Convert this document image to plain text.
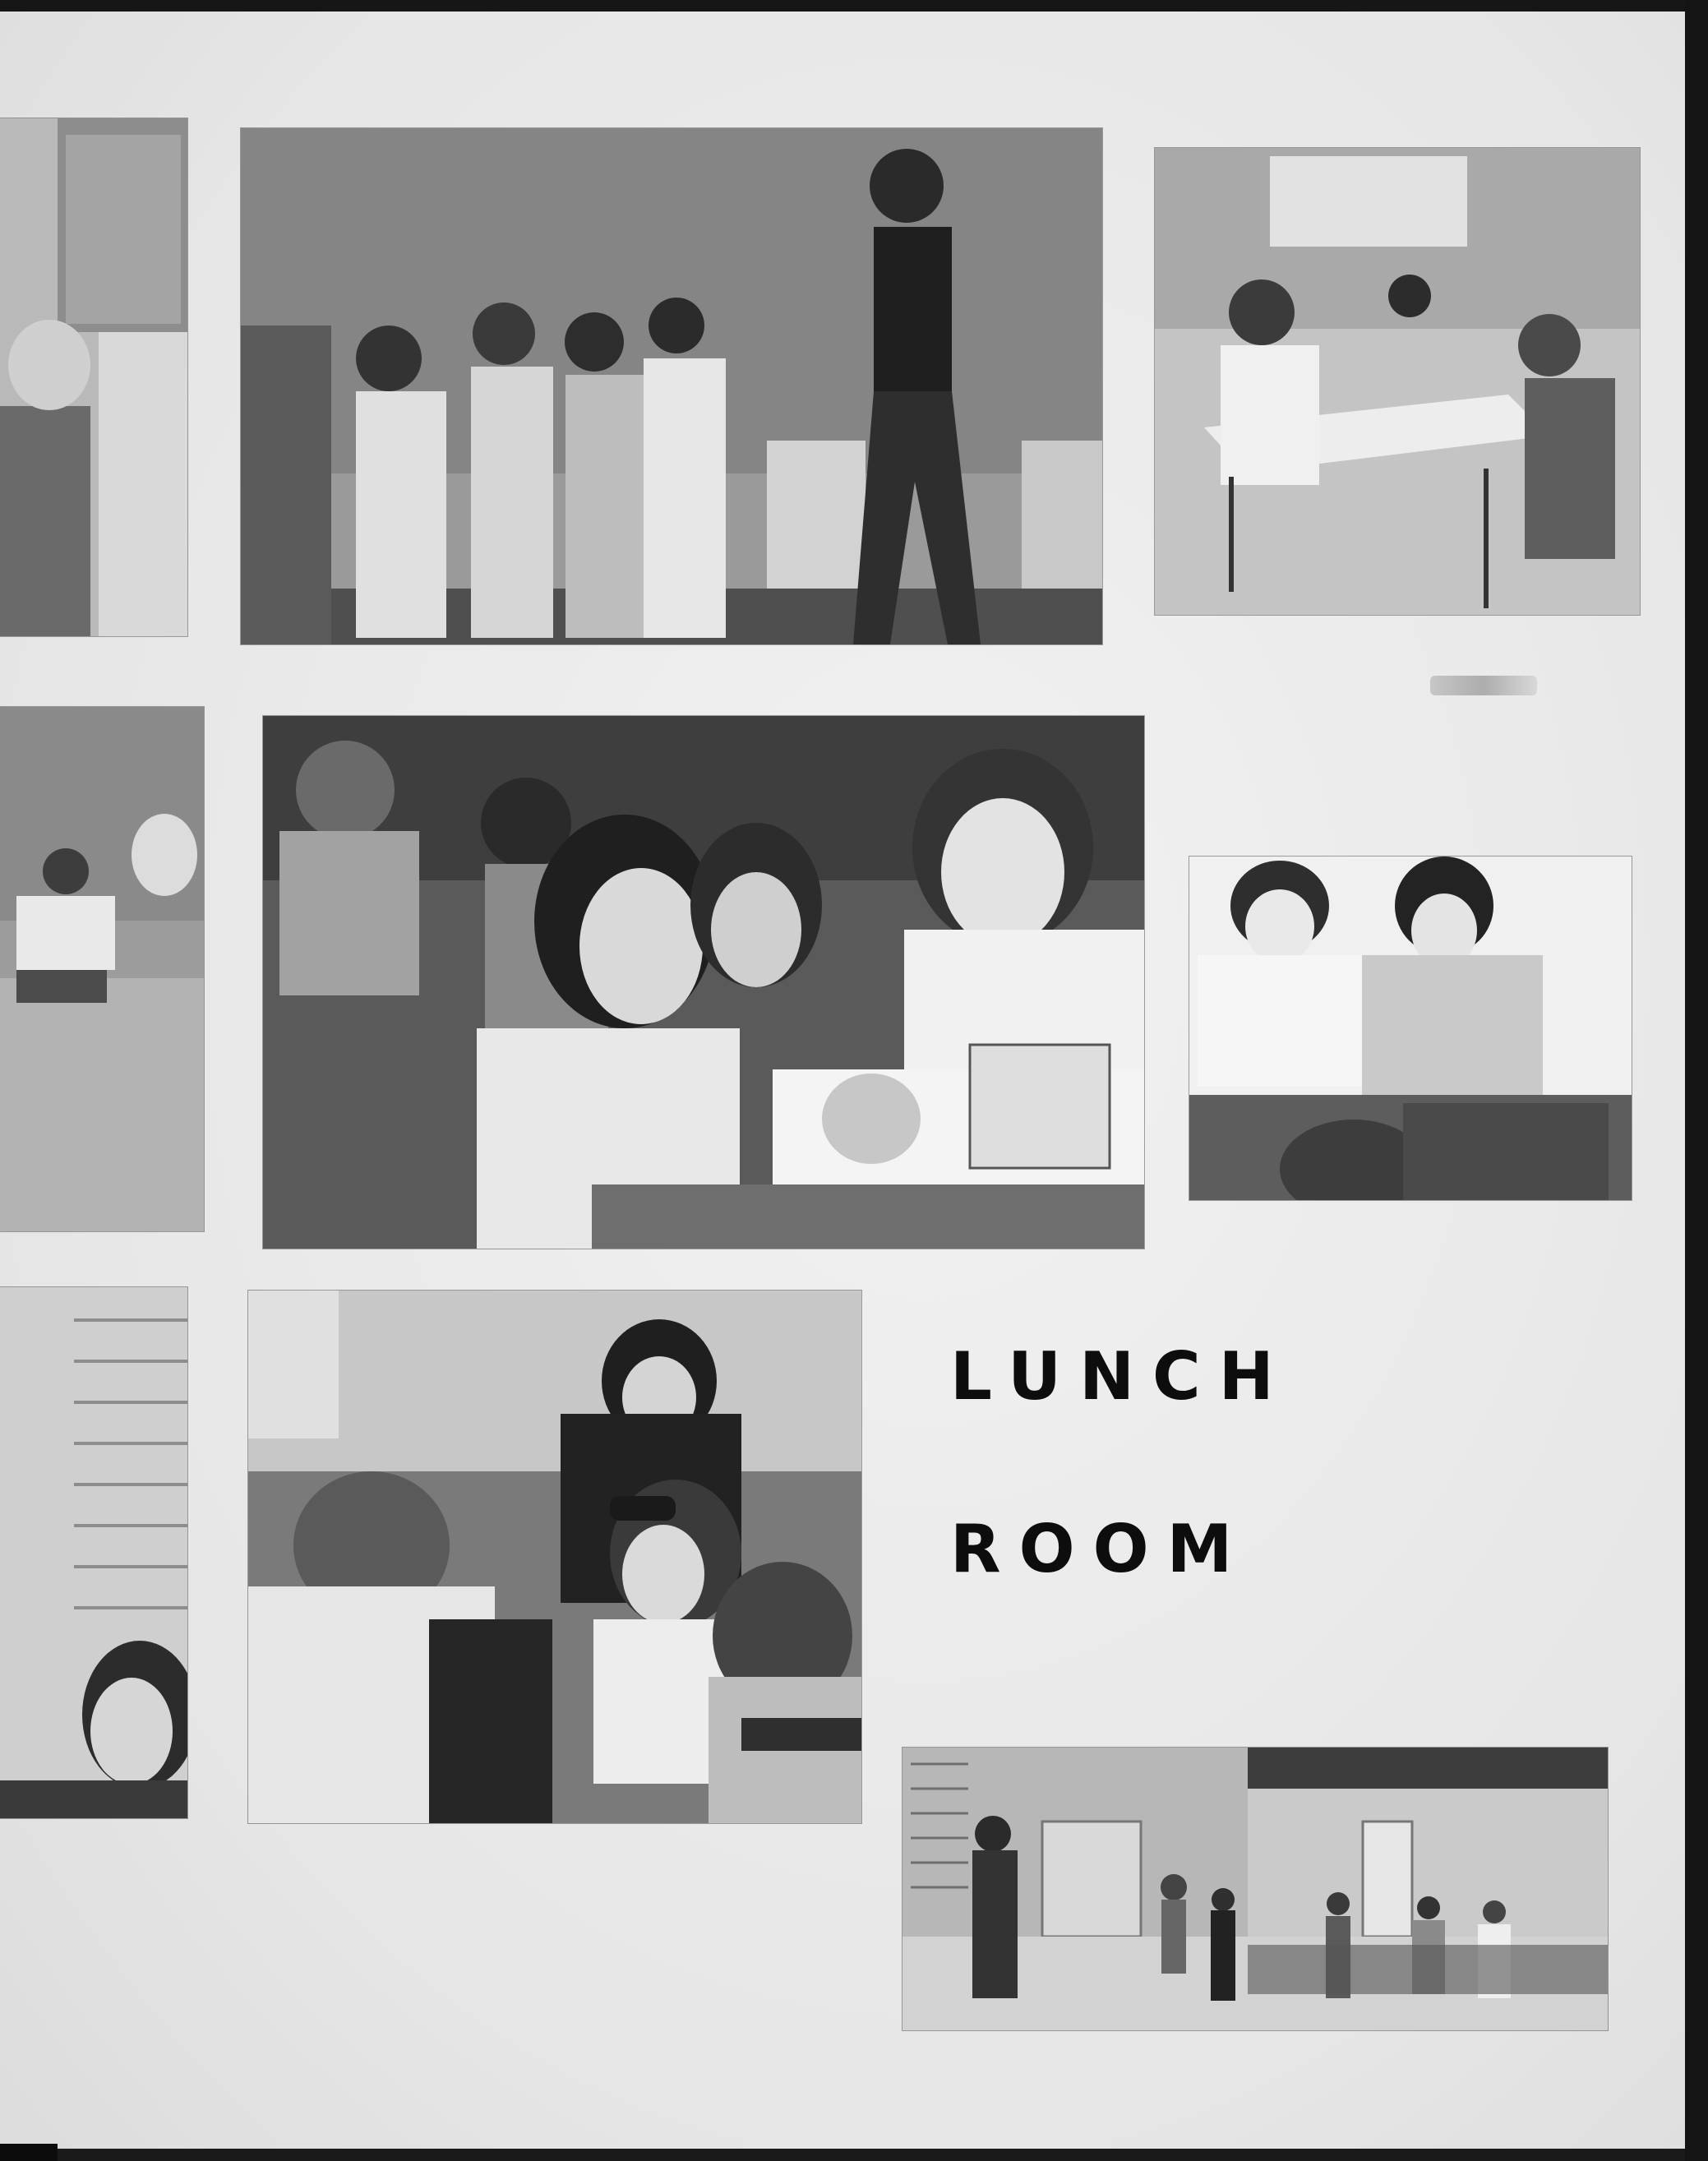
LUNCH
ROOM
